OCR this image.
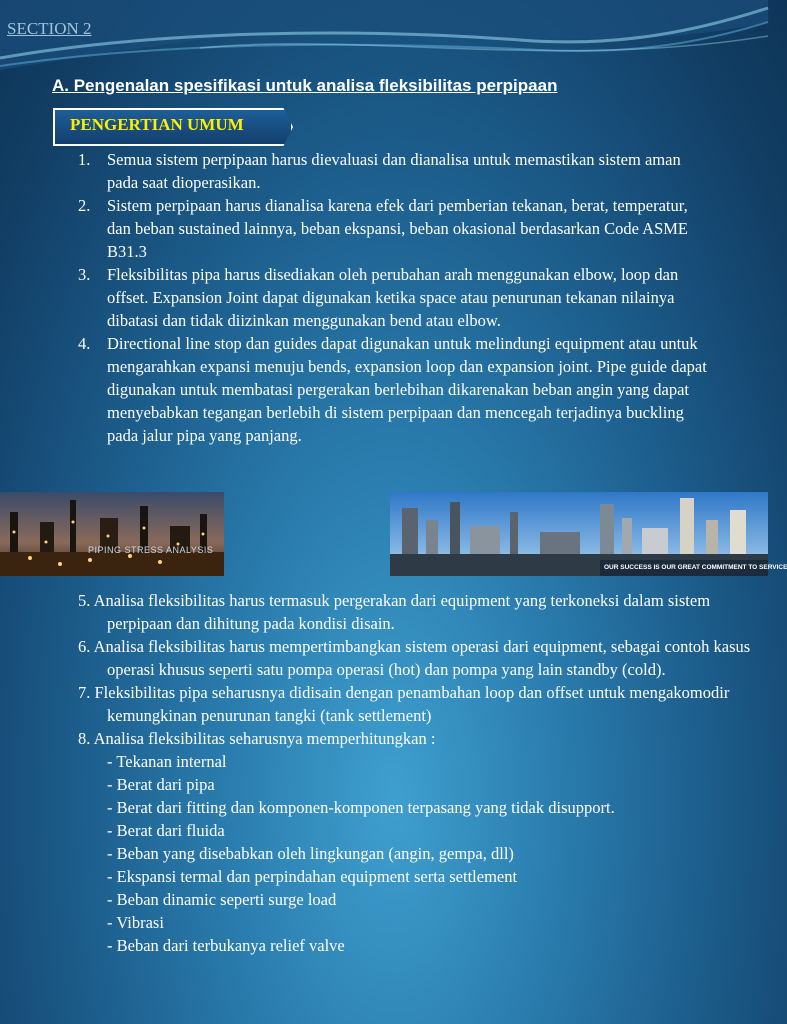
SECTION 2
A. Pengenalan spesifikasi untuk analisa fleksibilitas perpipaan
PENGERTIAN UMUM
1. Semua sistem perpipaan harus dievaluasi dan dianalisa untuk memastikan sistem aman pada saat dioperasikan.
2. Sistem perpipaan harus dianalisa karena efek dari pemberian tekanan, berat, temperatur, dan beban sustained lainnya, beban ekspansi, beban okasional berdasarkan Code ASME B31.3
3. Fleksibilitas pipa harus disediakan oleh perubahan arah menggunakan elbow, loop dan offset. Expansion Joint dapat digunakan ketika space atau penurunan tekanan nilainya dibatasi dan tidak diizinkan menggunakan bend atau elbow.
4. Directional line stop dan guides dapat digunakan untuk melindungi equipment atau untuk mengarahkan expansi menuju bends, expansion loop dan expansion joint. Pipe guide dapat digunakan untuk membatasi pergerakan berlebihan dikarenakan beban angin yang dapat menyebabkan tegangan berlebih di sistem perpipaan dan mencegah terjadinya buckling pada jalur pipa yang panjang.
PIPING STRESS ANALYSIS
OUR SUCCESS IS OUR GREAT COMMITMENT TO SERVICE
5. Analisa fleksibilitas harus termasuk pergerakan dari equipment yang terkoneksi dalam sistem perpipaan dan dihitung pada kondisi disain.
6. Analisa fleksibilitas harus mempertimbangkan sistem operasi dari equipment, sebagai contoh kasus operasi khusus seperti satu pompa operasi (hot) dan pompa yang lain standby (cold).
7. Fleksibilitas pipa seharusnya didisain dengan penambahan loop dan offset untuk mengakomodir kemungkinan penurunan tangki (tank settlement)
8. Analisa fleksibilitas seharusnya memperhitungkan :
- Tekanan internal
- Berat dari pipa
- Berat dari fitting dan komponen-komponen terpasang yang tidak disupport.
- Berat dari fluida
- Beban yang disebabkan oleh lingkungan (angin, gempa, dll)
- Ekspansi termal dan perpindahan equipment serta settlement
- Beban dinamic seperti surge load
- Vibrasi
- Beban dari terbukanya relief valve
